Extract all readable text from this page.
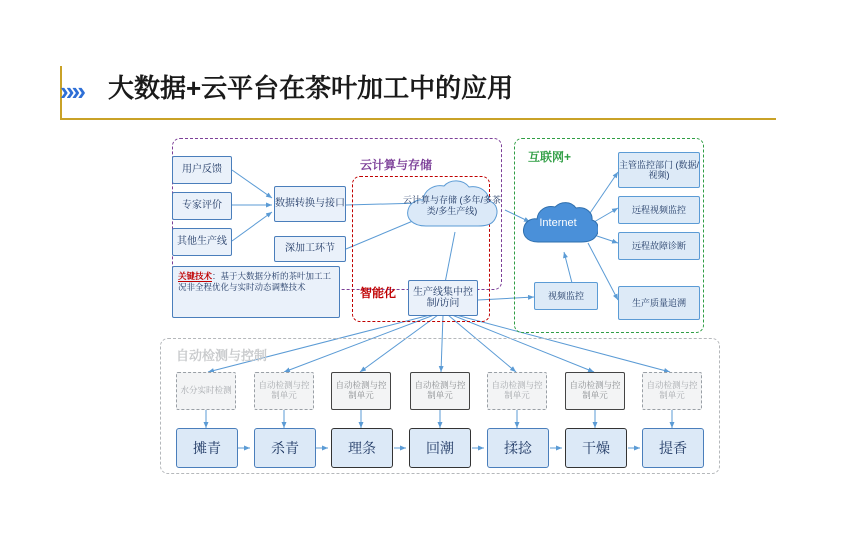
»» 大数据+云平台在茶叶加工中的应用
云计算与存储
互联网+
智能化
自动检测与控制
用户反馈
专家评价
其他生产线
数据转换与接口
深加工环节
云计算与存储 (多年/多茶类/多生产线)
生产线集中控制/访问
关键技术：基于大数据分析的茶叶加工工况非全程优化与实时动态调整技术
Internet
主管监控部门 (数据/视频)
远程视频监控
远程故障诊断
生产质量追溯
视频监控
水分实时检测	自动检测与控制单元
自动检测与控制单元
自动检测与控制单元
自动检测与控制单元
自动检测与控制单元
自动检测与控制单元
摊青	杀青	理条	回潮	揉捻	干燥	提香
